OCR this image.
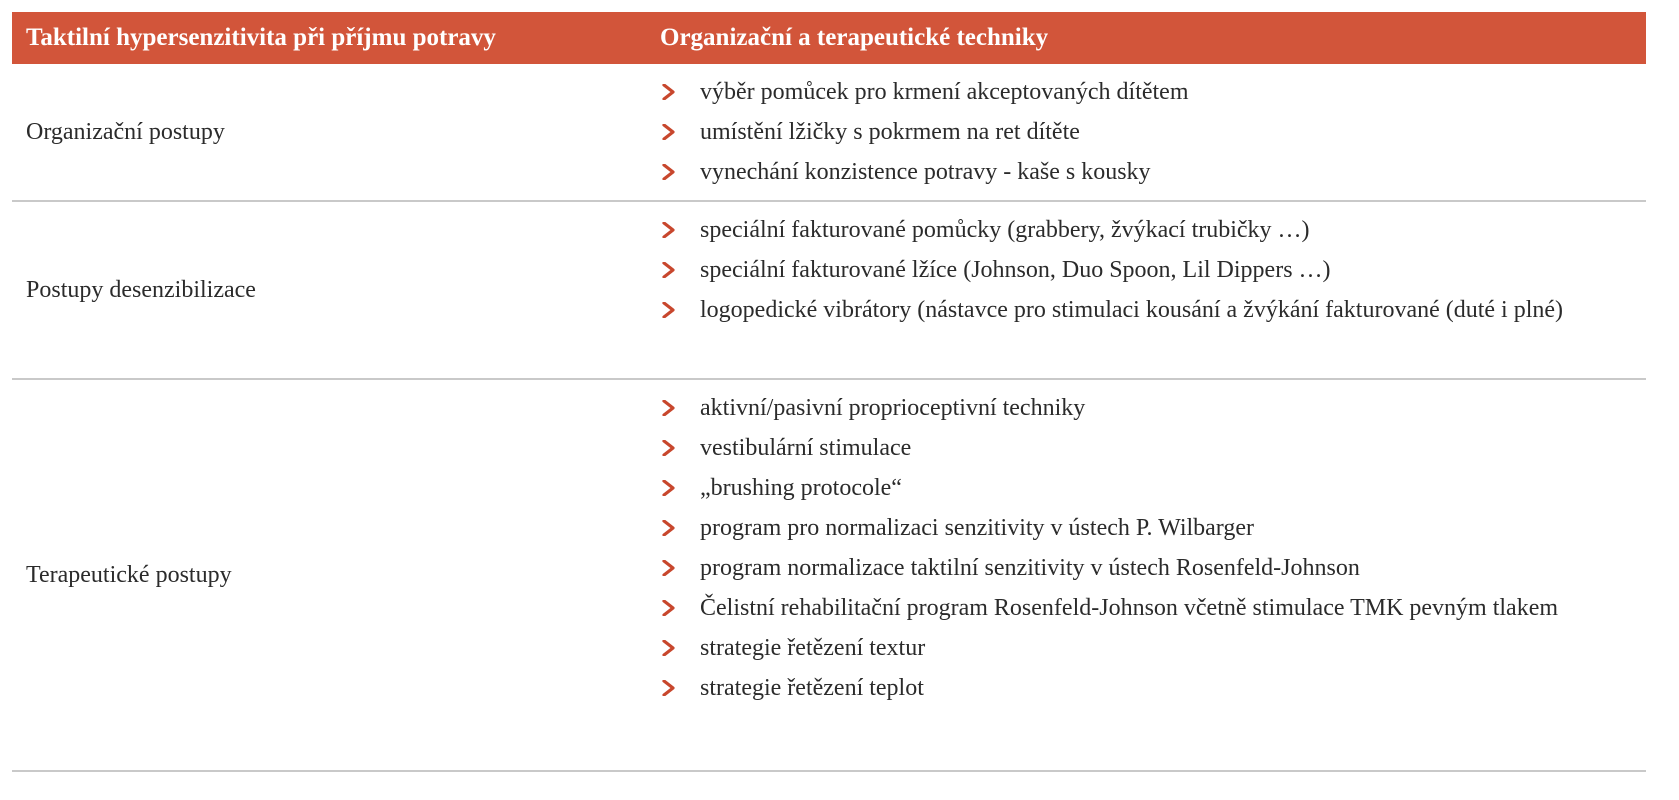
Taktilní hypersenzitivita při příjmu potravy	Organizační a terapeutické techniky
Organizační postupy
výběr pomůcek pro krmení akceptovaných dítětem
umístění lžičky s pokrmem na ret dítěte
vynechání konzistence potravy - kaše s kousky
Postupy desenzibilizace
speciální fakturované pomůcky (grabbery, žvýkací trubičky …)
speciální fakturované lžíce (Johnson, Duo Spoon, Lil Dippers …)
logopedické vibrátory (nástavce pro stimulaci kousání a žvýkání fakturované (duté i plné)
Terapeutické postupy
aktivní/pasivní proprioceptivní techniky
vestibulární stimulace
„brushing protocole“
program pro normalizaci senzitivity v ústech P. Wilbarger
program normalizace taktilní senzitivity v ústech Rosenfeld-Johnson
Čelistní rehabilitační program Rosenfeld-Johnson včetně stimulace TMK pevným tlakem
strategie řetězení textur
strategie řetězení teplot
